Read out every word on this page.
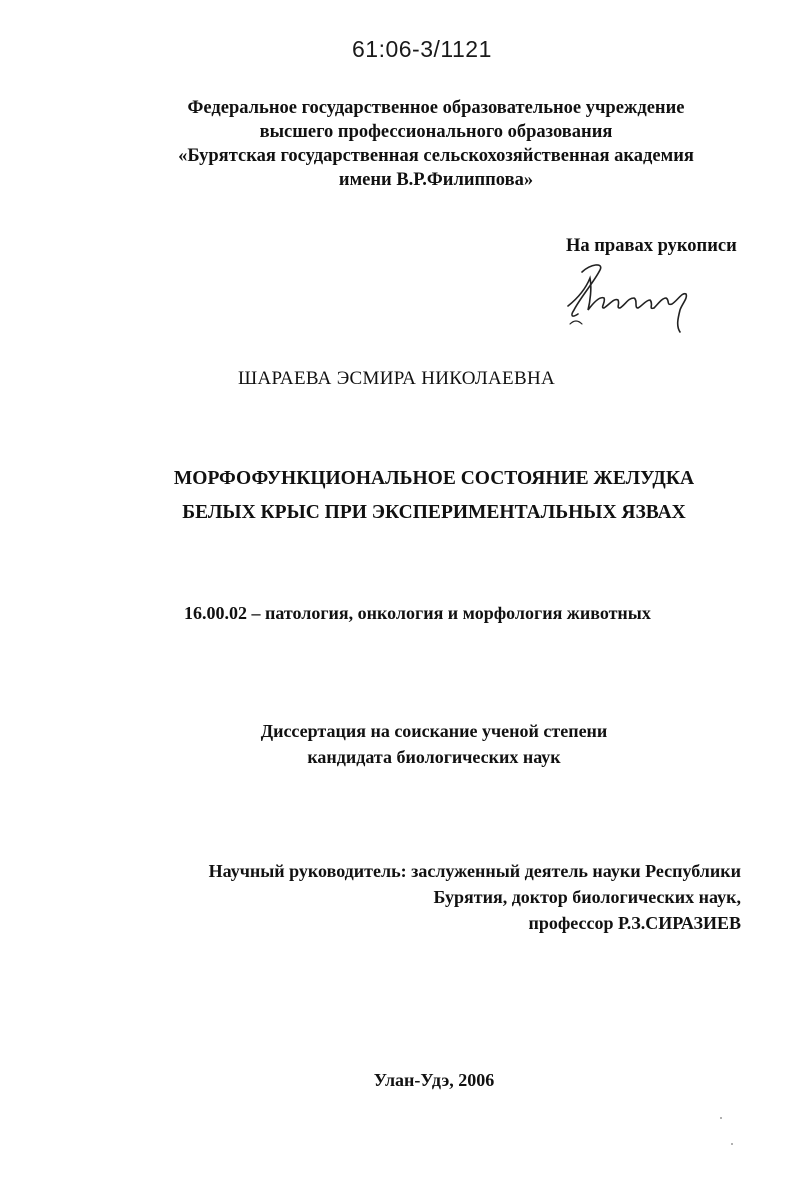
61:06-3/1121
Федеральное государственное образовательное учреждение
высшего профессионального образования
«Бурятская государственная сельскохозяйственная академия
имени В.Р.Филиппова»
На правах рукописи
ШАРАЕВА ЭСМИРА НИКОЛАЕВНА
МОРФОФУНКЦИОНАЛЬНОЕ СОСТОЯНИЕ ЖЕЛУДКА
БЕЛЫХ КРЫС ПРИ ЭКСПЕРИМЕНТАЛЬНЫХ ЯЗВАХ
16.00.02 – патология, онкология и морфология животных
Диссертация на соискание ученой степени
кандидата биологических наук
Научный руководитель: заслуженный деятель науки Республики
Бурятия, доктор биологических наук,
профессор Р.З.СИРАЗИЕВ
Улан-Удэ, 2006
